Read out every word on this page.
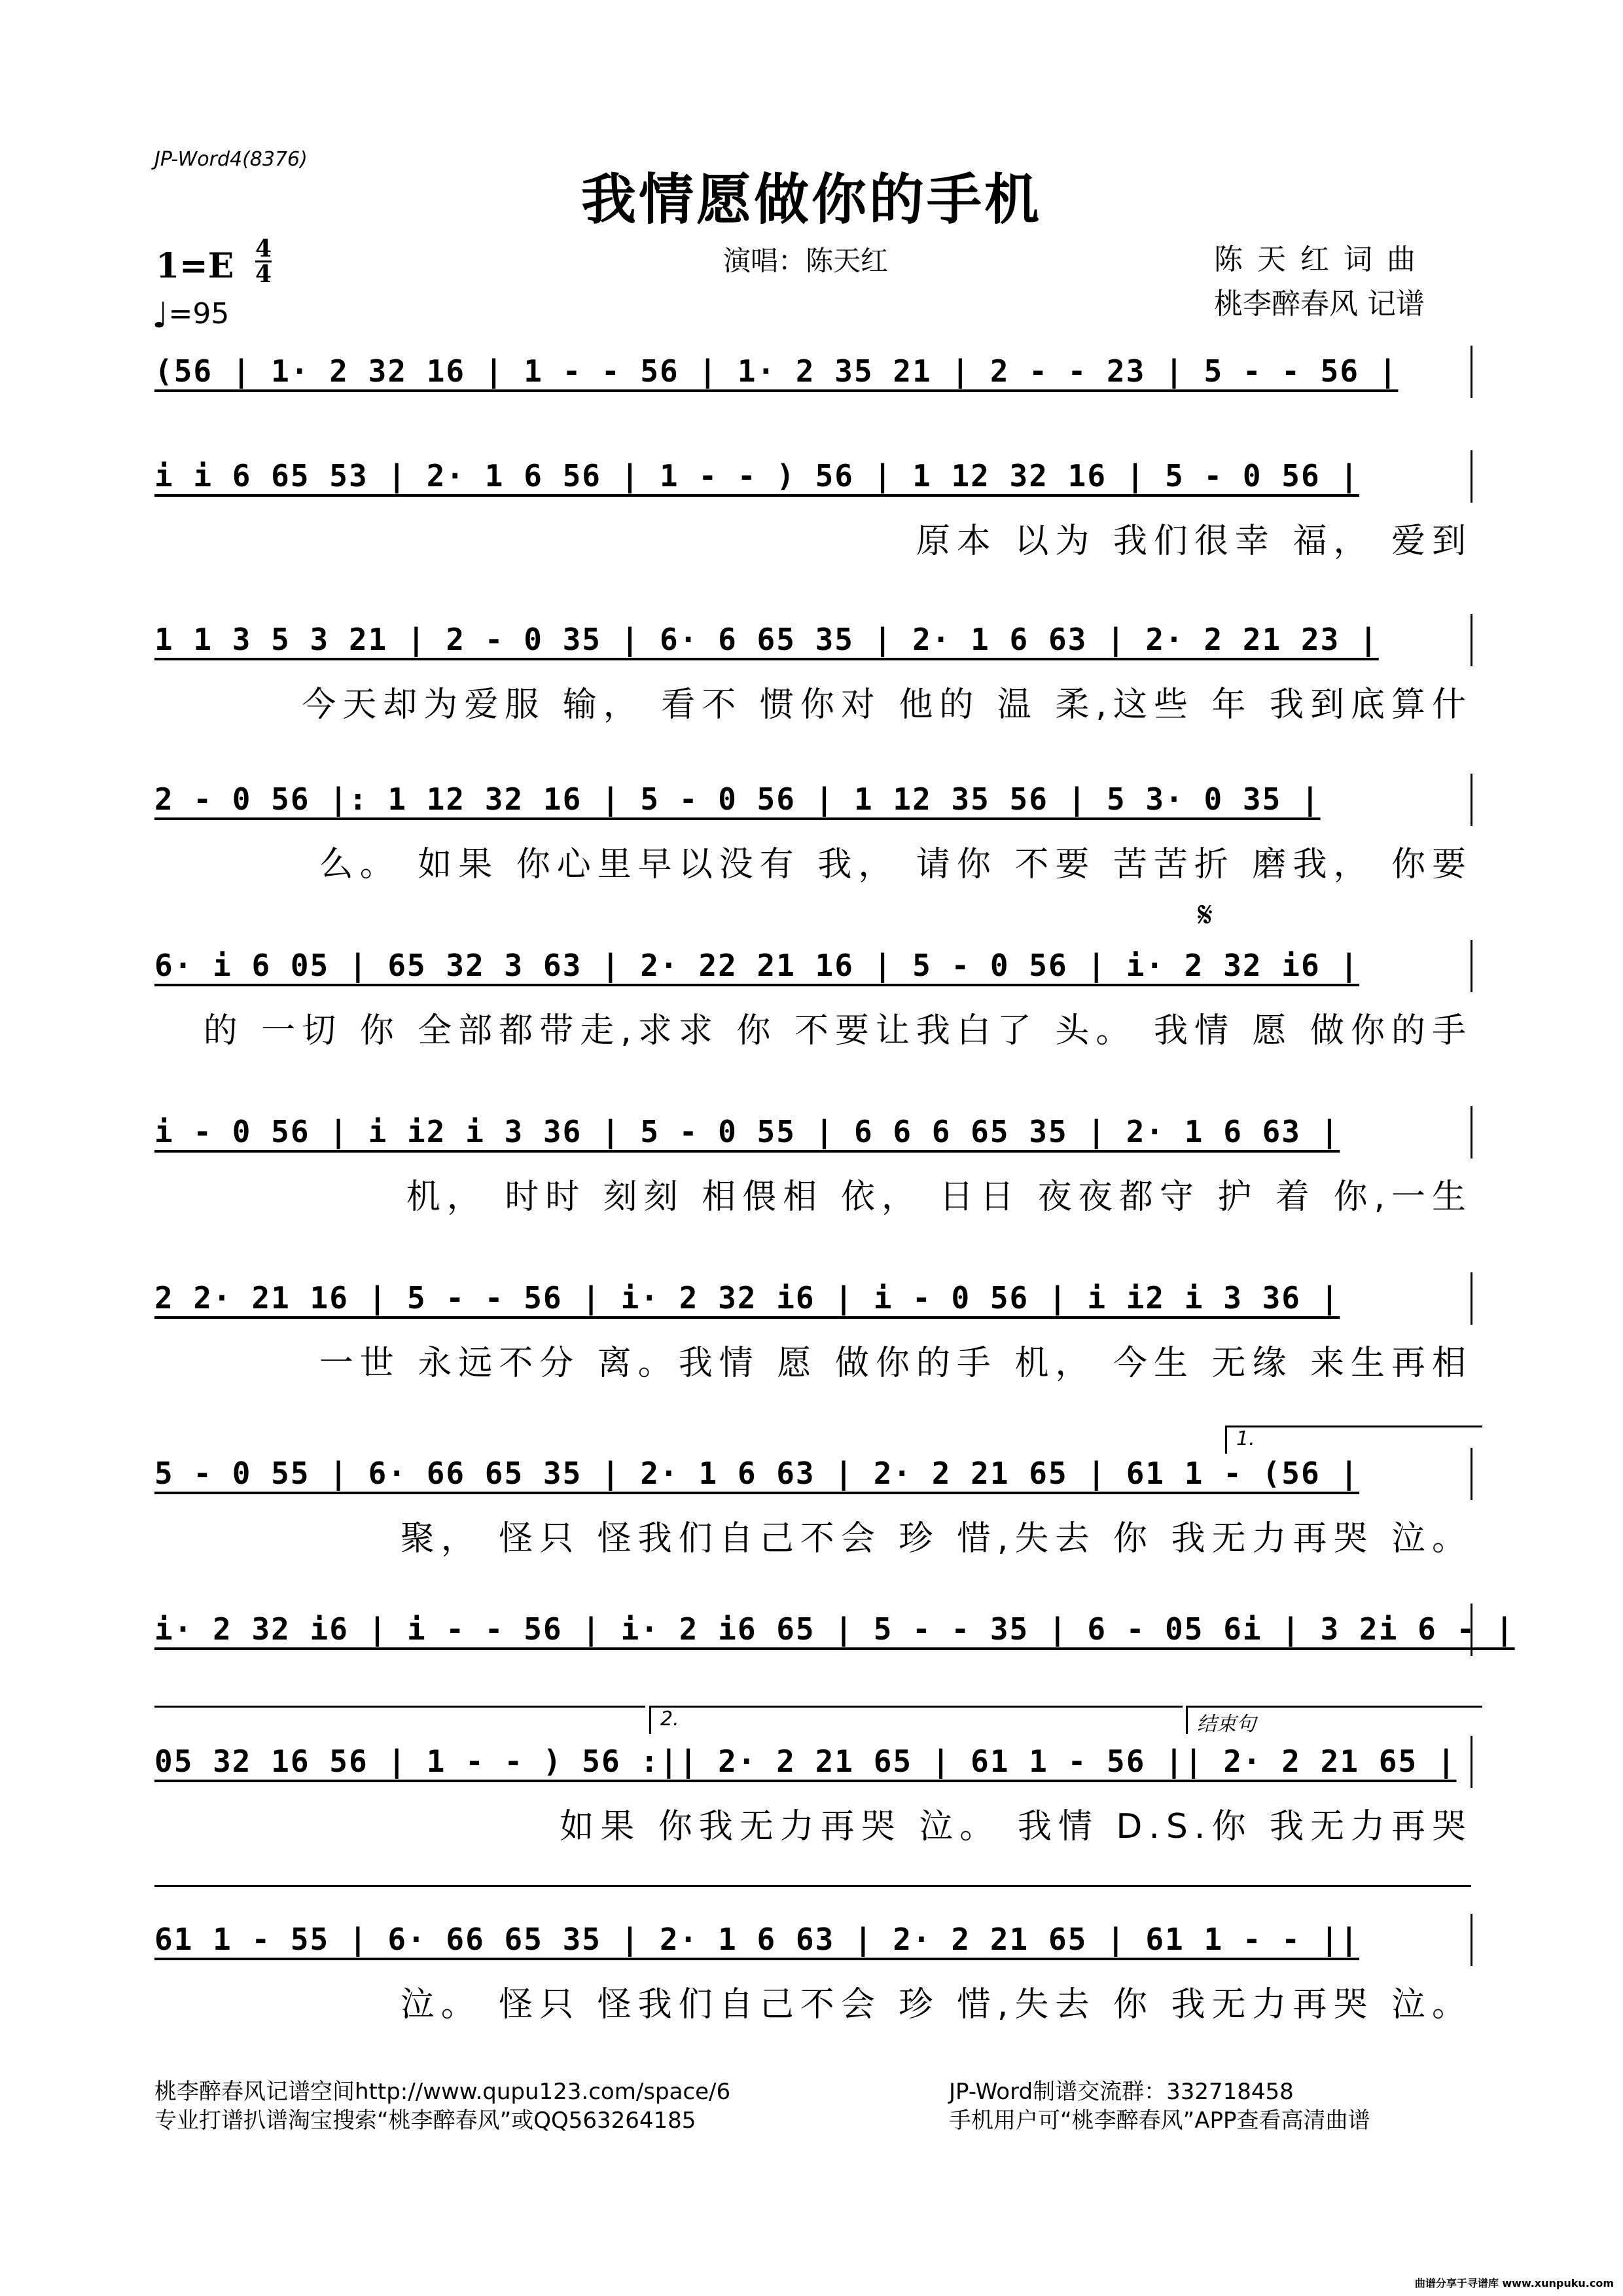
JP-Word4(8376)
我情愿做你的手机
演唱：陈天红	陈天红词曲
桃李醉春风 记谱
1=E 4
4
♩=95
(56 | 1· 2 32 16 | 1 - - 56 | 1· 2 35 21 | 2 - - 23 | 5 - - 56 |
i i 6 65 53 | 2· 1 6 56 | 1 - - ) 56 | 1 12 32 16 | 5 - 0 56 |
原本 以为 我们很幸 福， 爱到
1 1 3 5 3 21 | 2 - 0 35 | 6· 6 65 35 | 2· 1 6 63 | 2· 2 21 23 |
今天却为爱服 输， 看不 惯你对 他的 温 柔,这些 年 我到底算什
2 - 0 56 |: 1 12 32 16 | 5 - 0 56 | 1 12 35 56 | 5 3· 0 35 |
么。 如果 你心里早以没有 我， 请你 不要 苦苦折 磨我， 你要
𝄋
6· i 6 05 | 65 32 3 63 | 2· 22 21 16 | 5 - 0 56 | i· 2 32 i6 |
的 一切 你 全部都带走,求求 你 不要让我白了 头。 我情 愿 做你的手
i - 0 56 | i i2 i 3 36 | 5 - 0 55 | 6 6 6 65 35 | 2· 1 6 63 |
机， 时时 刻刻 相偎相 依， 日日 夜夜都守 护 着 你,一生
2 2· 21 16 | 5 - - 56 | i· 2 32 i6 | i - 0 56 | i i2 i 3 36 |
一世 永远不分 离。我情 愿 做你的手 机， 今生 无缘 来生再相
1.
5 - 0 55 | 6· 66 65 35 | 2· 1 6 63 | 2· 2 21 65 | 61 1 - (56 |
聚， 怪只 怪我们自己不会 珍 惜,失去 你 我无力再哭 泣。
i· 2 32 i6 | i - - 56 | i· 2 i6 65 | 5 - - 35 | 6 - 05 6i | 3 2i 6 - |
2.	结束句
05 32 16 56 | 1 - - ) 56 :|| 2· 2 21 65 | 61 1 - 56 || 2· 2 21 65 |
如果 你我无力再哭 泣。 我情 D.S.你 我无力再哭
61 1 - 55 | 6· 66 65 35 | 2· 1 6 63 | 2· 2 21 65 | 61 1 - - ||
泣。 怪只 怪我们自己不会 珍 惜,失去 你 我无力再哭 泣。
桃李醉春风记谱空间http://www.qupu123.com/space/6
专业打谱扒谱淘宝搜索“桃李醉春风”或QQ563264185
JP-Word制谱交流群：332718458
手机用户可“桃李醉春风”APP查看高清曲谱
曲谱分享于寻谱库 www.xunpuku.com
